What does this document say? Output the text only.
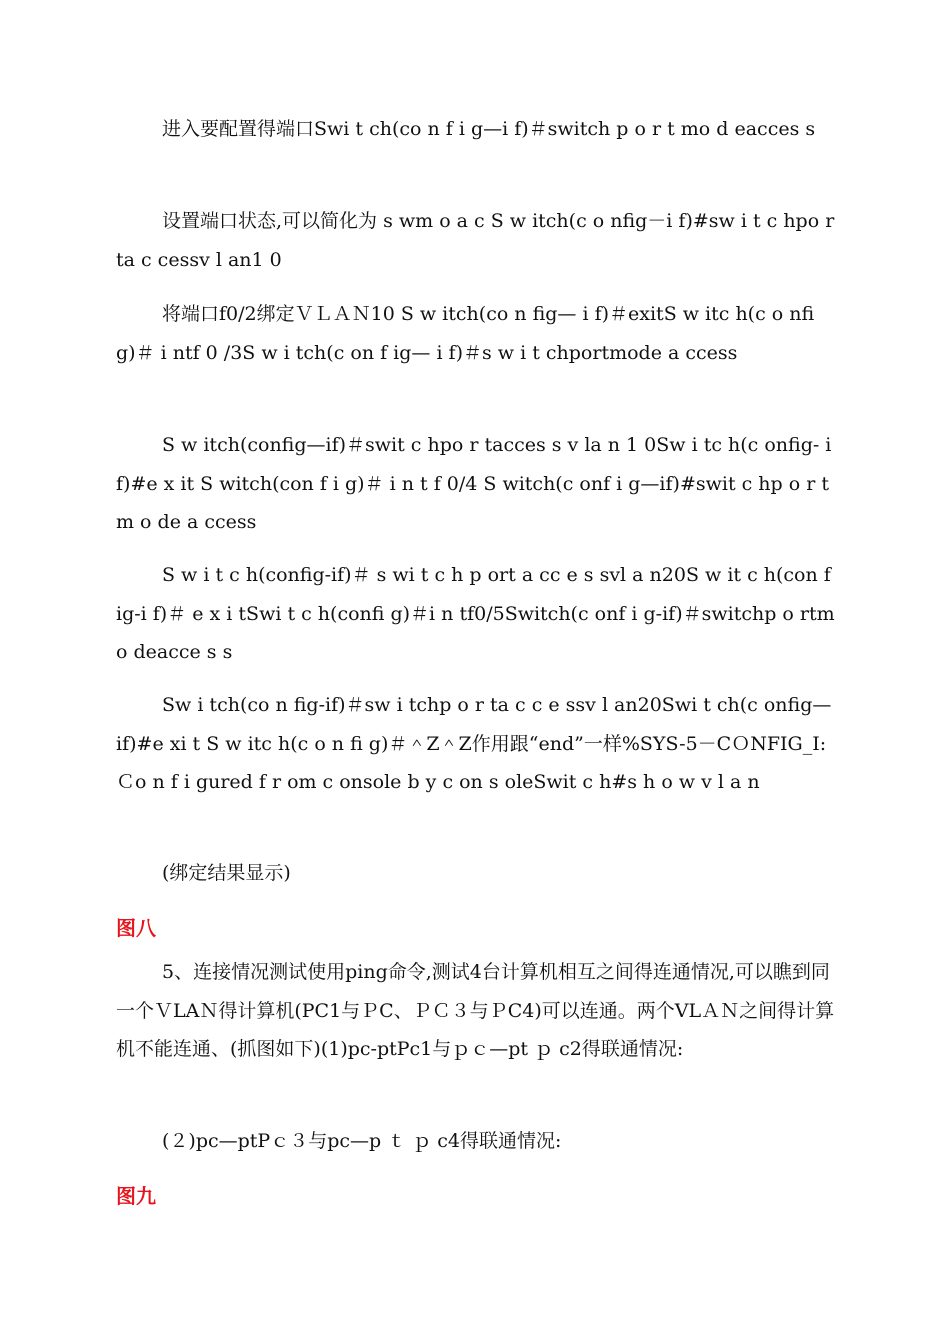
进入要配置得端口Swi t ch(co n f i g—i f)＃switch p o r t mo d eacces s

设置端口状态,可以简化为 s wm o a c S w itch(c o nfig－i f)#sw i t c hpo r ta c cessv l an1 0

将端口f0/2绑定ＶＬＡＮ10 S w itch(co n fig— i f)＃exitS w itc h(c o nfi g)＃ i ntf 0 /3S w i tch(c on f ig— i f)＃s w i t chportmode a ccess

S w itch(config—if)＃swit c hpo r tacces s v la n 1 0Sw i tc h(c onfig- i f)#e x it S witch(con f i g)＃ i n t f 0/4 S witch(c onf i g—if)#swit c hp o r tm o de a ccess

S w i t c h(config-if)＃ s wi t c h p ort a cc e s svl a n20S w it c h(con f ig-i f)＃ e x i tSwi t c h(confi g)＃i n tf0/5Switch(c onf i g-if)＃switchp o rtm o deacce s s

Sw i tch(co n fig-if)＃sw i tchp o r ta c c e ssv l an20Swi t ch(c onfig—if)#e xi t S w itc h(c o n fi g)＃＾Z＾Z作用跟“end”一样%SYS-5－CＯNFIG_I:Ｃo n f i gured f r om c onsole b y c on s oleSwit c h#s h o w v l a n

(绑定结果显示)

图八

5、连接情况测试使用ping命令,测试4台计算机相互之间得连通情况,可以瞧到同一个ＶLAＮ得计算机(PC1与ＰC、ＰＣ３与ＰC4)可以连通。两个VLＡＮ之间得计算机不能连通、(抓图如下)(1)pc-ptPc1与ｐｃ—pt ｐ c2得联通情况:

(２)pc—ptPｃ３与pc—p ｔ ｐ c4得联通情况:

图九
